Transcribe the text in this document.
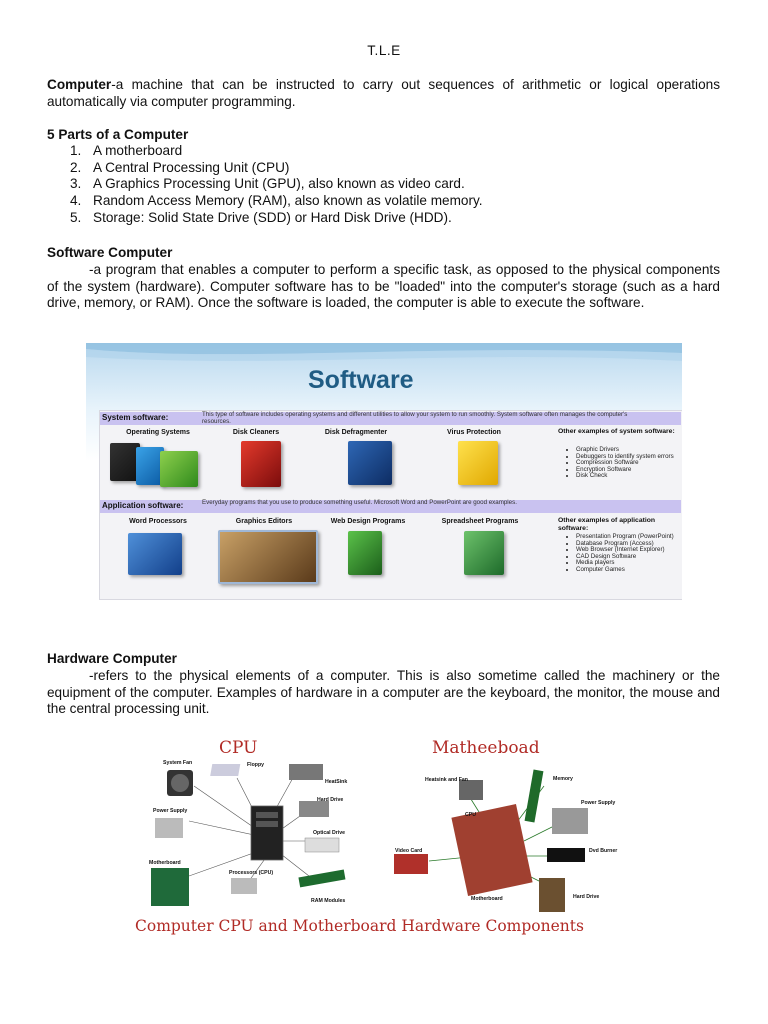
T.L.E
Computer-a machine that can be instructed to carry out sequences of arithmetic or logical operations automatically via computer programming.
5 Parts of a Computer
1. A motherboard
2. A Central Processing Unit (CPU)
3. A Graphics Processing Unit (GPU), also known as video card.
4. Random Access Memory (RAM), also known as volatile memory.
5. Storage: Solid State Drive (SDD) or Hard Disk Drive (HDD).
Software Computer
-a program that enables a computer to perform a specific task, as opposed to the physical components of the system (hardware). Computer software has to be "loaded" into the computer's storage (such as a hard drive, memory, or RAM). Once the software is loaded, the computer is able to execute the software.
Software
System software:	This type of software includes operating systems and different utilities to allow your system to run smoothly. System software often manages the computer's resources.
Operating Systems	Disk Cleaners	Disk Defragmenter	Virus Protection	Other examples of system software:
• Graphic Drivers
• Debuggers to identify system errors
• Compression Software
• Encryption Software
• Disk Check
Application software:	Everyday programs that you use to produce something useful. Microsoft Word and PowerPoint are good examples.
Word Processors	Graphics Editors	Web Design Programs	Spreadsheet Programs	Other examples of application software:
• Presentation Program (PowerPoint)
• Database Program (Access)
• Web Browser (Internet Explorer)
• CAD Design Software
• Media players
• Computer Games
Hardware Computer
-refers to the physical elements of a computer. This is also sometime called the machinery or the equipment of the computer. Examples of hardware in a computer are the keyboard, the monitor, the mouse and the central processing unit.
CPU	Matheeboad
System Fan	Floppy
HeatSink
Power Supply
Hard Drive
Optical Drive
Motherboard
Processors (CPU)
RAM Modules
Heatsink and Fan	Memory
CPU
Power Supply
Video Card	Dvd Burner
Motherboard	Hard Drive
Computer CPU and Motherboard Hardware Components
